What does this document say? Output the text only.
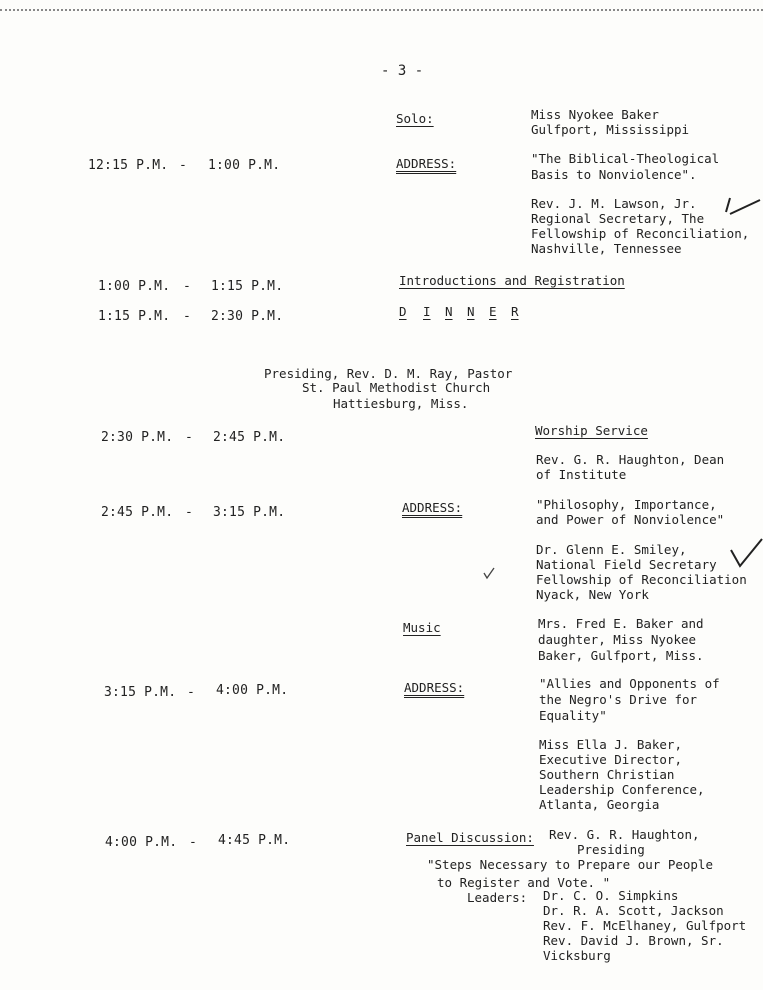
- 3 -
Solo:	Miss Nyokee Baker
Gulfport, Mississippi
12:15 P.M. - 1:00 P.M.	ADDRESS:	"The Biblical-Theological
Basis to Nonviolence".
Rev. J. M. Lawson, Jr.
Regional Secretary, The
Fellowship of Reconciliation,
Nashville, Tennessee
1:00 P.M. - 1:15 P.M.	Introductions and Registration
1:15 P.M. - 2:30 P.M.	D I N N E R
Presiding, Rev. D. M. Ray, Pastor
St. Paul Methodist Church
Hattiesburg, Miss.
2:30 P.M. - 2:45 P.M.	Worship Service
Rev. G. R. Haughton, Dean
of Institute
2:45 P.M. - 3:15 P.M.	ADDRESS:	"Philosophy, Importance,
and Power of Nonviolence"
Dr. Glenn E. Smiley,
National Field Secretary
Fellowship of Reconciliation
Nyack, New York
Music	Mrs. Fred E. Baker and
daughter, Miss Nyokee
Baker, Gulfport, Miss.
3:15 P.M. - 4:00 P.M.	ADDRESS:	"Allies and Opponents of
the Negro's Drive for
Equality"
Miss Ella J. Baker,
Executive Director,
Southern Christian
Leadership Conference,
Atlanta, Georgia
4:00 P.M. - 4:45 P.M.	Panel Discussion: Rev. G. R. Haughton,
Presiding
"Steps Necessary to Prepare our People
to Register and Vote. "
Leaders: Dr. C. O. Simpkins
Dr. R. A. Scott, Jackson
Rev. F. McElhaney, Gulfport
Rev. David J. Brown, Sr.
Vicksburg
